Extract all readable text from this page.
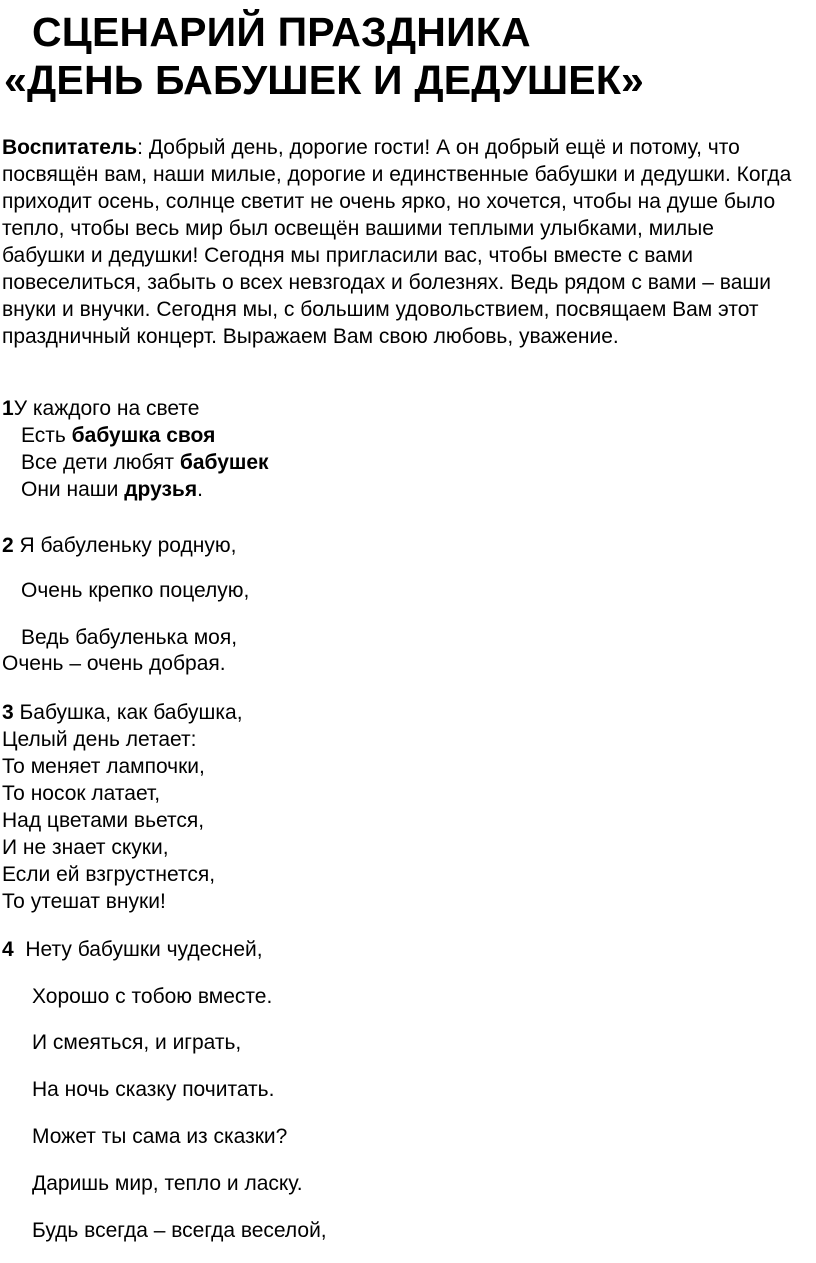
СЦЕНАРИЙ ПРАЗДНИКА
«ДЕНЬ БАБУШЕК И ДЕДУШЕК»

Воспитатель: Добрый день, дорогие гости! А он добрый ещё и потому, что посвящён вам, наши милые, дорогие и единственные бабушки и дедушки. Когда приходит осень, солнце светит не очень ярко, но хочется, чтобы на душе было тепло, чтобы весь мир был освещён вашими теплыми улыбками, милые бабушки и дедушки! Сегодня мы пригласили вас, чтобы вместе с вами повеселиться, забыть о всех невзгодах и болезнях. Ведь рядом с вами – ваши внуки и внучки. Сегодня мы, с большим удовольствием, посвящаем Вам этот праздничный концерт. Выражаем Вам свою любовь, уважение.

1У каждого на свете

Есть бабушка своя

Все дети любят бабушек

Они наши друзья.

2 Я бабуленьку родную,

Очень крепко поцелую,

Ведь бабуленька моя,

Очень – очень добрая.

3 Бабушка, как бабушка,

Целый день летает:

То меняет лампочки,

То носок латает,

Над цветами вьется,

И не знает скуки,

Если ей взгрустнется,

То утешат внуки!

4  Нету бабушки чудесней,

Хорошо с тобою вместе.

И смеяться, и играть,

На ночь сказку почитать.

Может ты сама из сказки?

Даришь мир, тепло и ласку.

Будь всегда – всегда веселой,
